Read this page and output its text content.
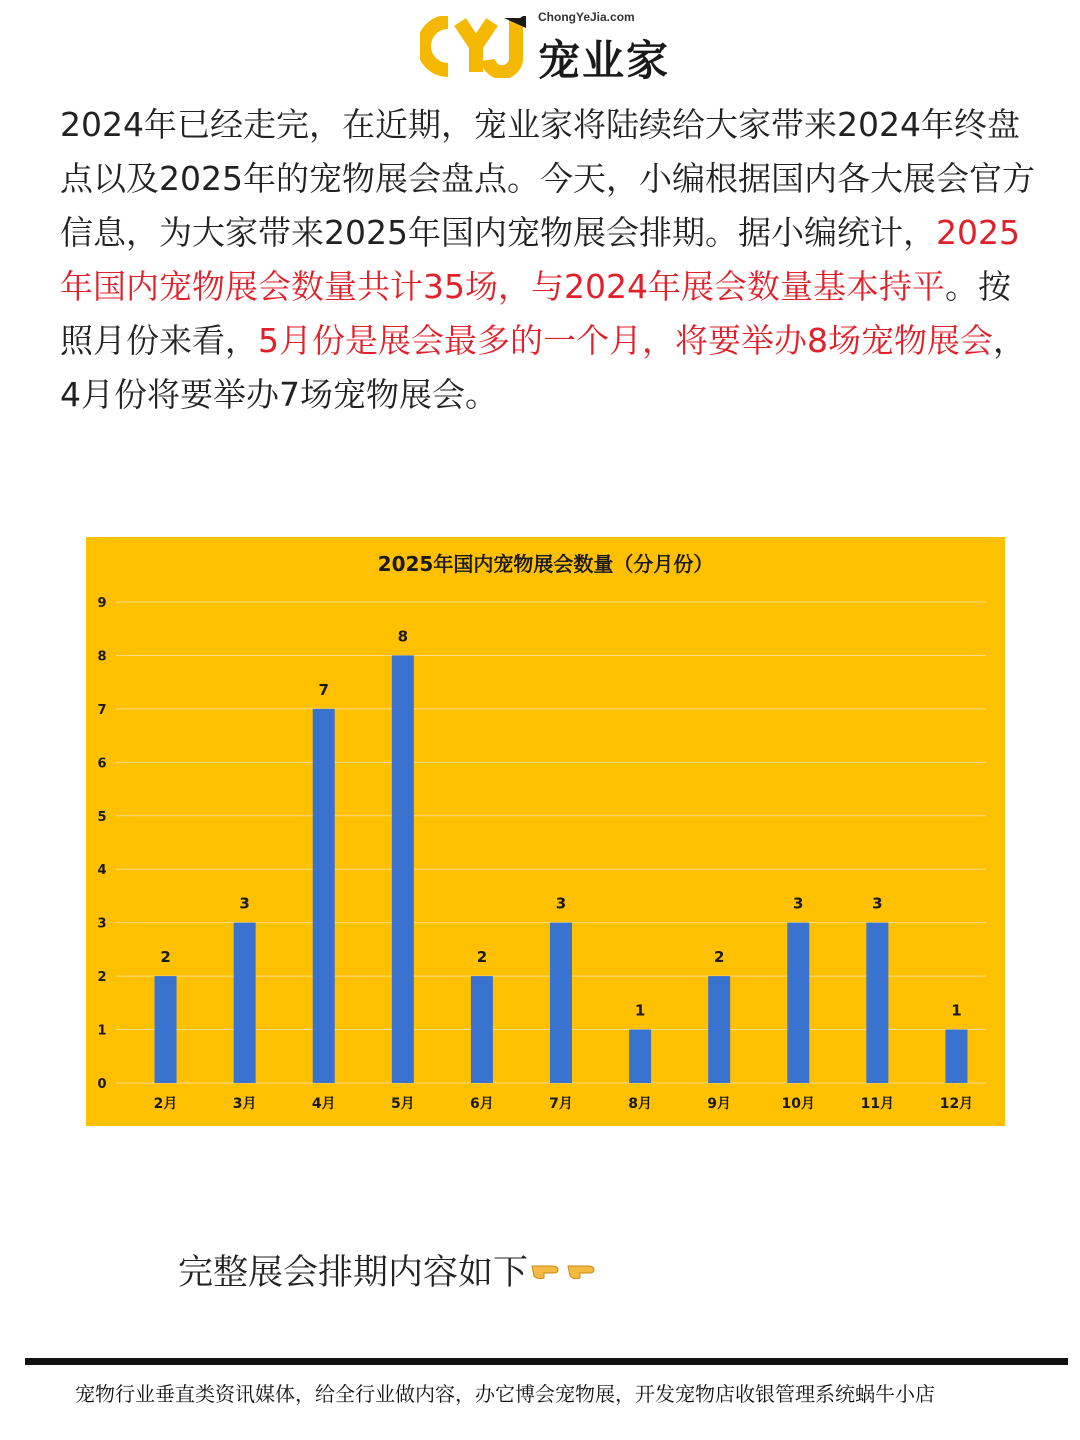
ChongYeJia.com
宠业家
2024年已经走完，在近期，宠业家将陆续给大家带来2024年终盘点以及2025年的宠物展会盘点。今天，小编根据国内各大展会官方信息，为大家带来2025年国内宠物展会排期。据小编统计，2025年国内宠物展会数量共计35场，与2024年展会数量基本持平。按照月份来看，5月份是展会最多的一个月，将要举办8场宠物展会，4月份将要举办7场宠物展会。
2025年国内宠物展会数量（分月份）
0
1
2
3
4
5
6
7
8
9
2
3
7
8
2
3
1
2
3	3
1
2月	3月	4月	5月	6月	7月	8月	9月	10月	11月	12月
完整展会排期内容如下
宠物行业垂直类资讯媒体，给全行业做内容，办它博会宠物展，开发宠物店收银管理系统蜗牛小店
